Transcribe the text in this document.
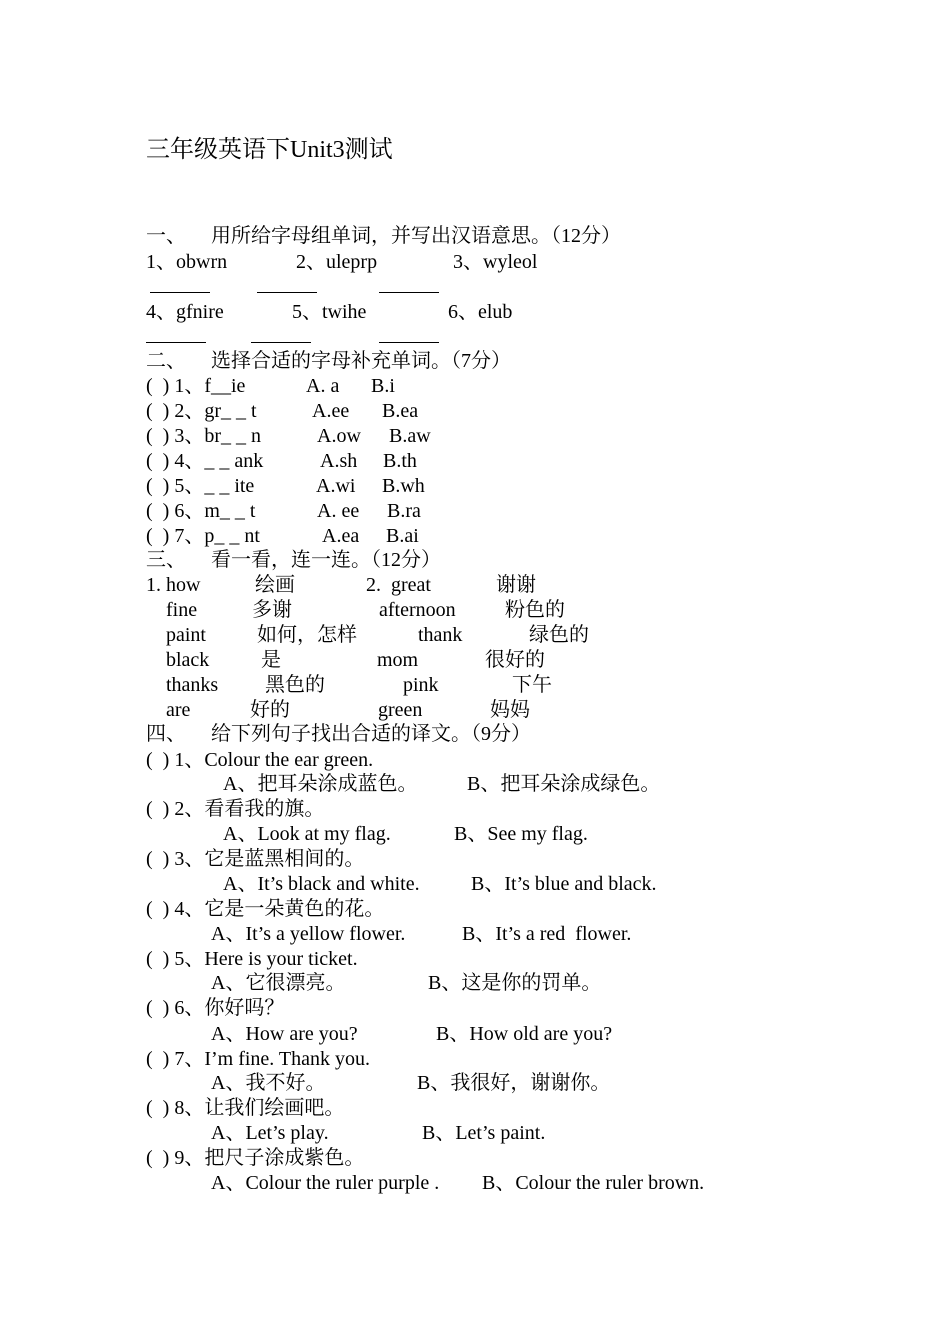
三年级英语下Unit3测试
一、 用所给字母组单词，并写出汉语意思。（12分）
1、obwrn	2、uleprp	3、wyleol
4、gfnire	5、twihe	6、elub
二、 选择合适的字母补充单词。（7分）
(  ) 1、f__ie	A. a B.i
(  ) 2、gr_ _ t	A.ee B.ea
(  ) 3、br_ _ n	A.ow B.aw
(  ) 4、_ _ ank	A.sh B.th
(  ) 5、_ _ ite	A.wi B.wh
(  ) 6、m_ _ t	A. ee B.ra
(  ) 7、p_ _ nt	A.ea B.ai
三、 看一看，连一连。（12分）
1. how	绘画	2.  great	谢谢
fine	多谢	afternoon 粉色的
paint	如何，怎样	thank	绿色的
black	是	mom	很好的
thanks 黑色的	pink	下午
are	好的	green	妈妈
四、 给下列句子找出合适的译文。（9分）
(  ) 1、Colour the ear green.
A、把耳朵涂成蓝色。 B、把耳朵涂成绿色。
(  ) 2、看看我的旗。
A、Look at my flag.	B、See my flag.
(  ) 3、它是蓝黑相间的。
A、It’s black and white.	B、It’s blue and black.
(  ) 4、它是一朵黄色的花。
A、It’s a yellow flower.	B、It’s a red  flower.
(  ) 5、Here is your ticket.
A、它很漂亮。	B、这是你的罚单。
(  ) 6、你好吗？
A、How are you?	B、How old are you?
(  ) 7、I’m fine. Thank you.
A、我不好。	B、我很好，谢谢你。
(  ) 8、让我们绘画吧。
A、Let’s play.	B、Let’s paint.
(  ) 9、把尺子涂成紫色。
A、Colour the ruler purple . B、Colour the ruler brown.
